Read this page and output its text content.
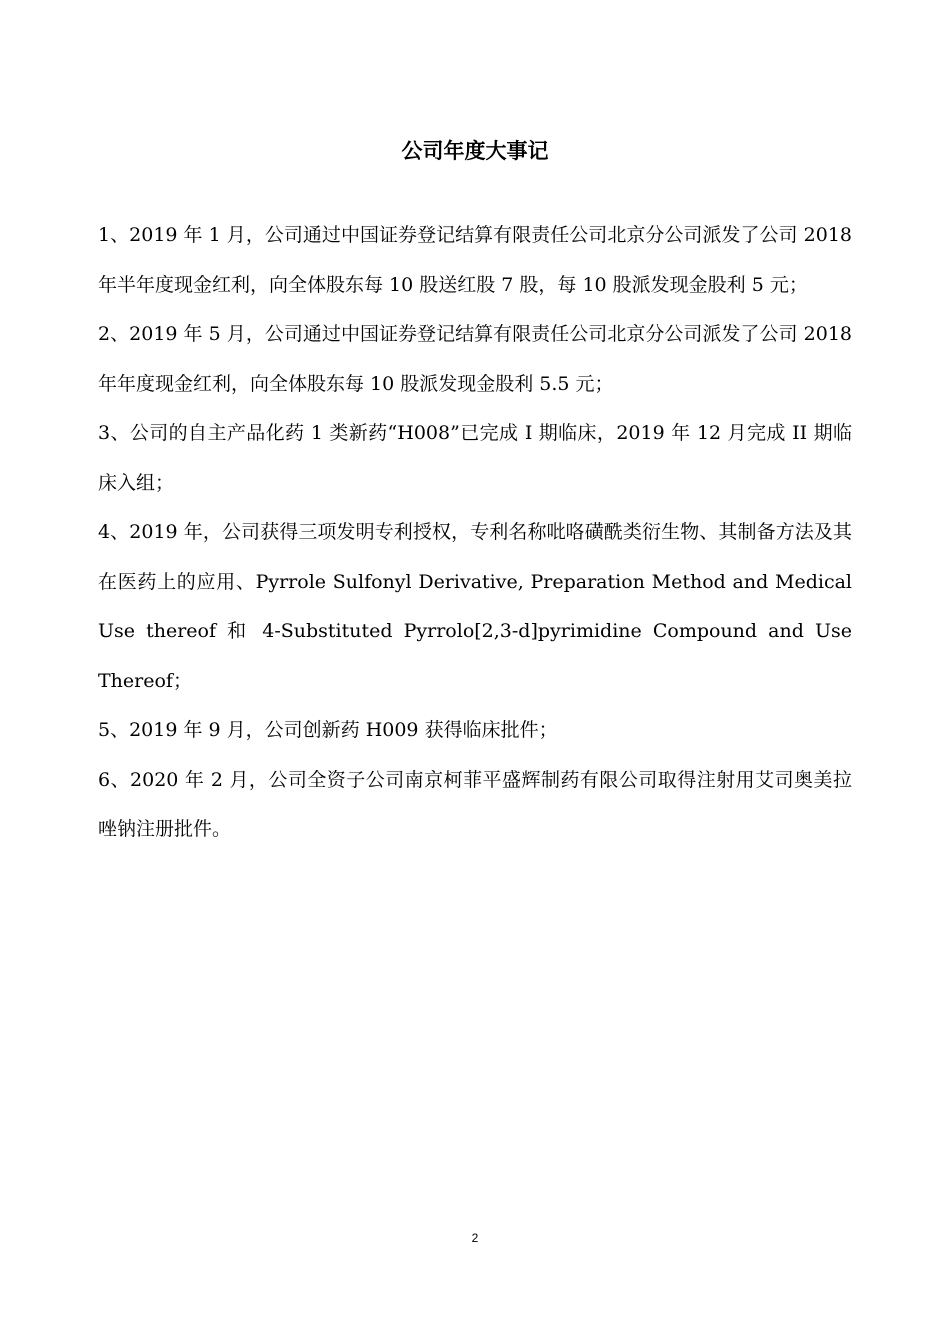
公司年度大事记

1、2019 年 1 月，公司通过中国证券登记结算有限责任公司北京分公司派发了公司 2018 年半年度现金红利，向全体股东每 10 股送红股 7 股，每 10 股派发现金股利 5 元；

2、2019 年 5 月，公司通过中国证券登记结算有限责任公司北京分公司派发了公司 2018 年年度现金红利，向全体股东每 10 股派发现金股利 5.5 元；

3、公司的自主产品化药 1 类新药“H008”已完成 I 期临床，2019 年 12 月完成 II 期临床入组；

4、2019 年，公司获得三项发明专利授权，专利名称吡咯磺酰类衍生物、其制备方法及其在医药上的应用、Pyrrole Sulfonyl Derivative, Preparation Method and Medical Use thereof 和 4-Substituted Pyrrolo[2,3-d]pyrimidine Compound and Use Thereof；

5、2019 年 9 月，公司创新药 H009 获得临床批件；

6、2020 年 2 月，公司全资子公司南京柯菲平盛辉制药有限公司取得注射用艾司奥美拉唑钠注册批件。

2
